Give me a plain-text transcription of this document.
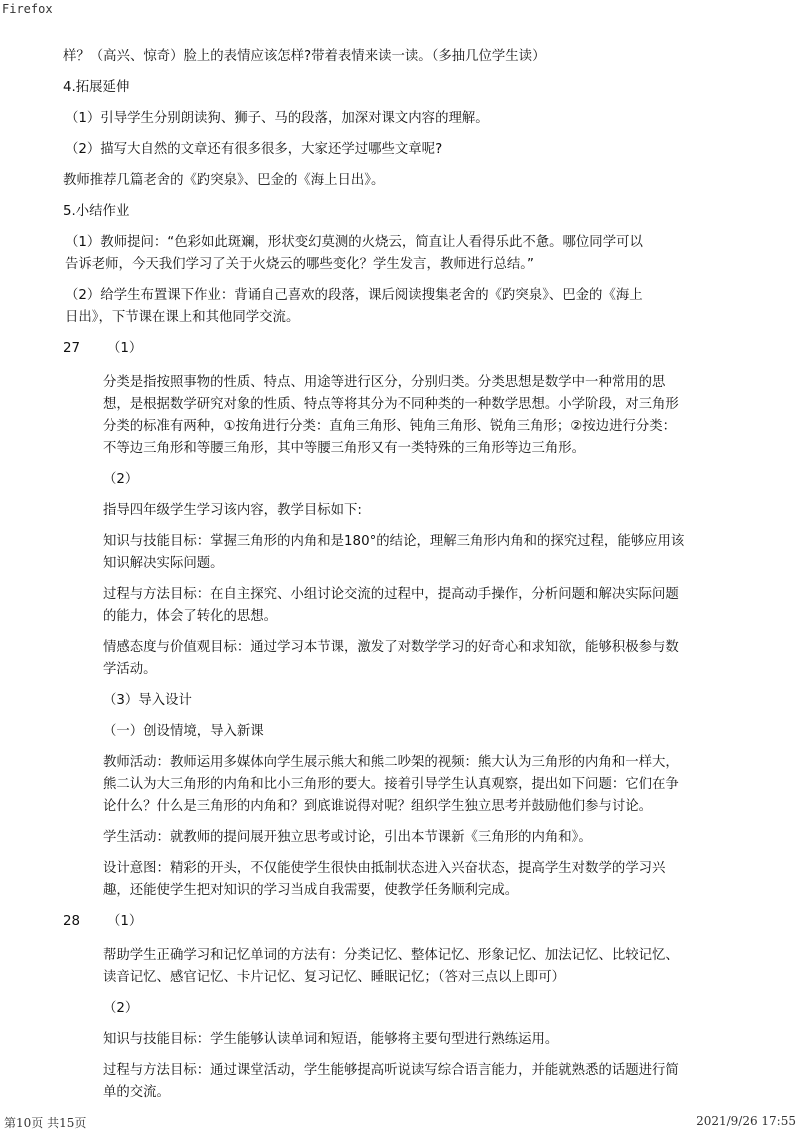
Firefox
样？（高兴、惊奇）脸上的表情应该怎样?带着表情来读一读。（多抽几位学生读）
4.拓展延伸
（1）引导学生分别朗读狗、狮子、马的段落，加深对课文内容的理解。
（2）描写大自然的文章还有很多很多，大家还学过哪些文章呢?
教师推荐几篇老舍的《趵突泉》、巴金的《海上日出》。
5.小结作业
（1）教师提问：“色彩如此斑斓，形状变幻莫测的火烧云，简直让人看得乐此不惫。哪位同学可以
告诉老师，今天我们学习了关于火烧云的哪些变化？学生发言，教师进行总结。”
（2）给学生布置课下作业：背诵自己喜欢的段落，课后阅读搜集老舍的《趵突泉》、巴金的《海上
日出》，下节课在课上和其他同学交流。
27	（1）
分类是指按照事物的性质、特点、用途等进行区分，分别归类。分类思想是数学中一种常用的思
想，是根据数学研究对象的性质、特点等将其分为不同种类的一种数学思想。小学阶段，对三角形
分类的标准有两种，①按角进行分类：直角三角形、钝角三角形、锐角三角形；②按边进行分类：
不等边三角形和等腰三角形，其中等腰三角形又有一类特殊的三角形等边三角形。
（2）
指导四年级学生学习该内容，教学目标如下:
知识与技能目标：掌握三角形的内角和是180°的结论，理解三角形内角和的探究过程，能够应用该
知识解决实际问题。
过程与方法目标：在自主探究、小组讨论交流的过程中，提高动手操作，分析问题和解决实际问题
的能力，体会了转化的思想。
情感态度与价值观目标：通过学习本节课，激发了对数学学习的好奇心和求知欲，能够积极参与数
学活动。
（3）导入设计
（一）创设情境，导入新课
教师活动：教师运用多媒体向学生展示熊大和熊二吵架的视频：熊大认为三角形的内角和一样大，
熊二认为大三角形的内角和比小三角形的要大。接着引导学生认真观察，提出如下问题：它们在争
论什么？什么是三角形的内角和？到底谁说得对呢？组织学生独立思考并鼓励他们参与讨论。
学生活动：就教师的提问展开独立思考或讨论，引出本节课新《三角形的内角和》。
设计意图：精彩的开头，不仅能使学生很快由抵制状态进入兴奋状态，提高学生对数学的学习兴
趣，还能使学生把对知识的学习当成自我需要，使教学任务顺利完成。
28	（1）
帮助学生正确学习和记忆单词的方法有：分类记忆、整体记忆、形象记忆、加法记忆、比较记忆、
读音记忆、感官记忆、卡片记忆、复习记忆、睡眠记忆；（答对三点以上即可）
（2）
知识与技能目标：学生能够认读单词和短语，能够将主要句型进行熟练运用。
过程与方法目标：通过课堂活动，学生能够提高听说读写综合语言能力，并能就熟悉的话题进行简
单的交流。
第10页 共15页	2021/9/26 17:55
